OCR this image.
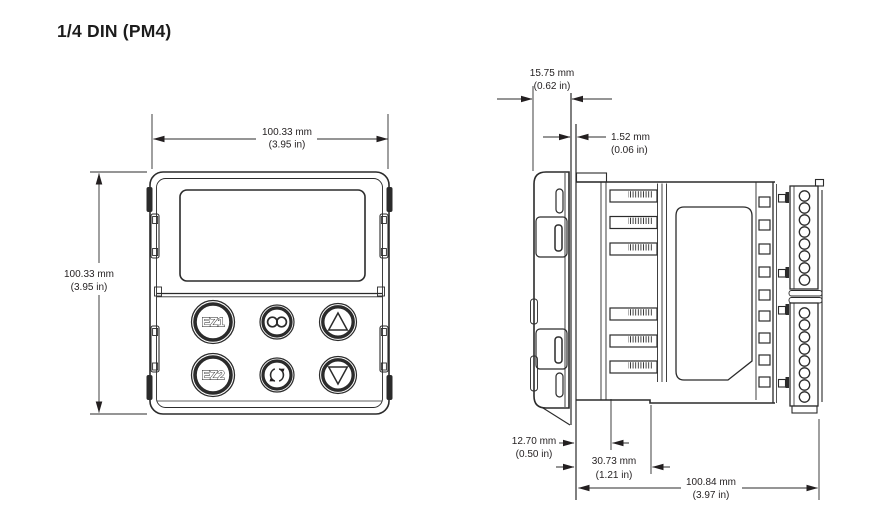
1/4 DIN (PM4)
EZ1
EZ2
100.33 mm
(3.95 in)
100.33 mm
(3.95 in)
15.75 mm
(0.62 in)
1.52 mm
(0.06 in)
12.70 mm
(0.50 in)
30.73 mm
(1.21 in)
100.84 mm
(3.97 in)
